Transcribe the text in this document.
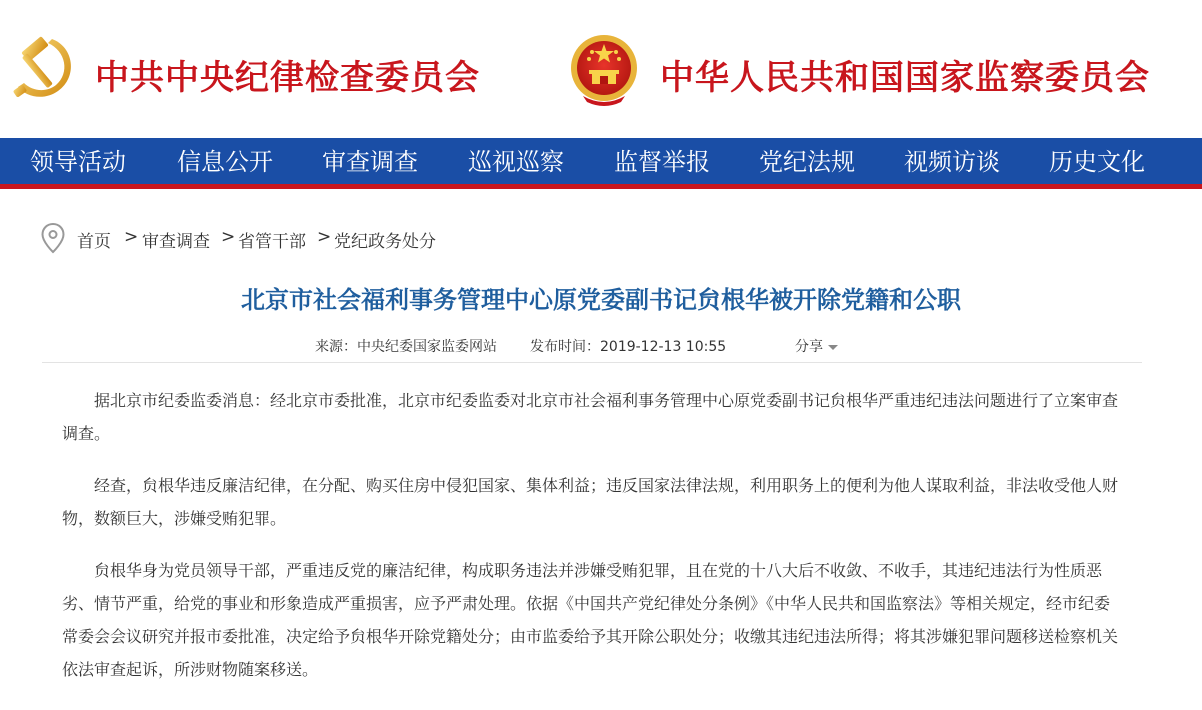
中共中央纪律检查委员会	中华人民共和国国家监察委员会
领导活动 信息公开 审查调查 巡视巡察 监督举报 党纪法规 视频访谈 历史文化
首页 > 审查调查 > 省管干部 > 党纪政务处分
北京市社会福利事务管理中心原党委副书记贠根华被开除党籍和公职
来源：中央纪委国家监委网站 发布时间：2019-12-13 10:55	分享

据北京市纪委监委消息：经北京市委批准，北京市纪委监委对北京市社会福利事务管理中心原党委副书记贠根华严重违纪违法问题进行了立案审查调查。

经查，贠根华违反廉洁纪律，在分配、购买住房中侵犯国家、集体利益；违反国家法律法规，利用职务上的便利为他人谋取利益，非法收受他人财物，数额巨大，涉嫌受贿犯罪。

贠根华身为党员领导干部，严重违反党的廉洁纪律，构成职务违法并涉嫌受贿犯罪，且在党的十八大后不收敛、不收手，其违纪违法行为性质恶劣、情节严重，给党的事业和形象造成严重损害，应予严肃处理。依据《中国共产党纪律处分条例》《中华人民共和国监察法》等相关规定，经市纪委常委会会议研究并报市委批准，决定给予贠根华开除党籍处分；由市监委给予其开除公职处分；收缴其违纪违法所得；将其涉嫌犯罪问题移送检察机关依法审查起诉，所涉财物随案移送。
